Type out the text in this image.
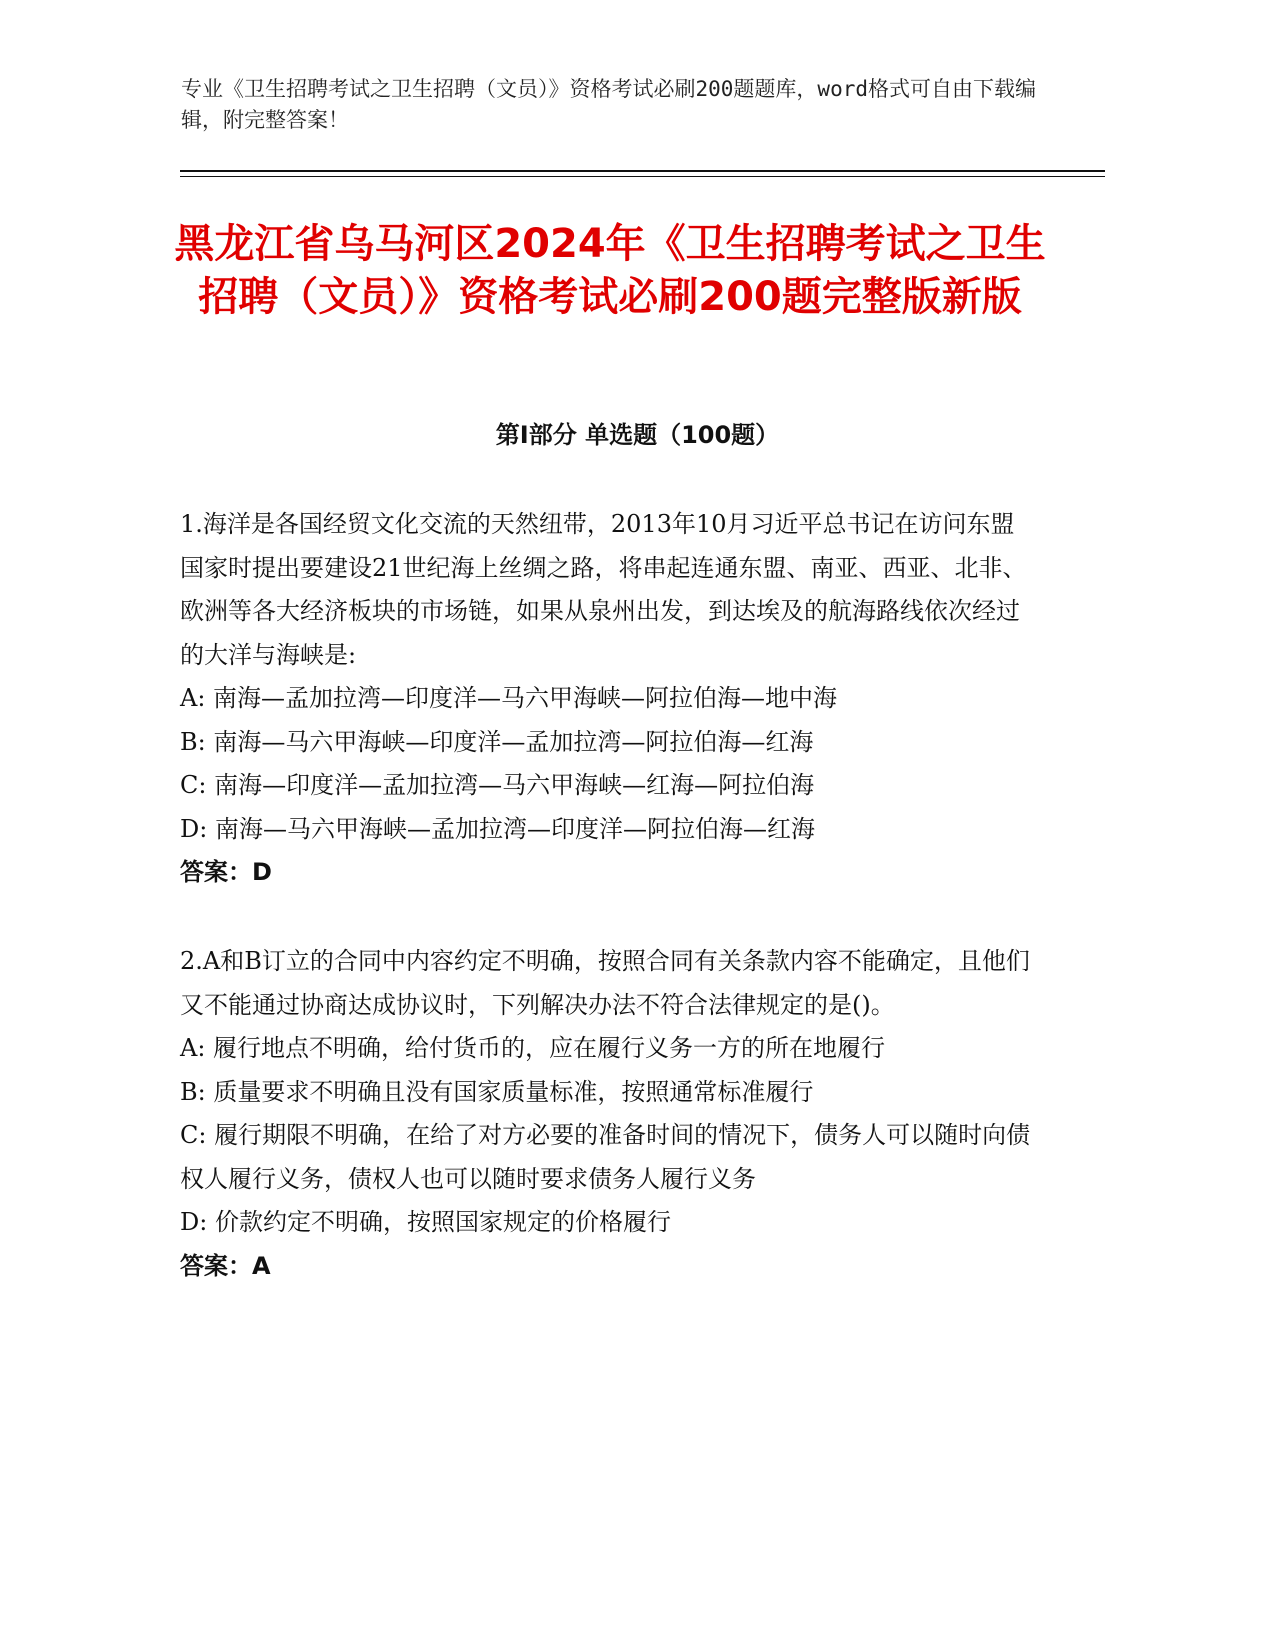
专业《卫生招聘考试之卫生招聘（文员）》资格考试必刷200题题库，word格式可自由下载编辑，附完整答案！
黑龙江省乌马河区2024年《卫生招聘考试之卫生招聘（文员）》资格考试必刷200题完整版新版
第Ⅰ部分 单选题（100题）

1.海洋是各国经贸文化交流的天然纽带，2013年10月习近平总书记在访问东盟国家时提出要建设21世纪海上丝绸之路，将串起连通东盟、南亚、西亚、北非、欧洲等各大经济板块的市场链，如果从泉州出发，到达埃及的航海路线依次经过的大洋与海峡是:

A: 南海—孟加拉湾—印度洋—马六甲海峡—阿拉伯海—地中海

B: 南海—马六甲海峡—印度洋—孟加拉湾—阿拉伯海—红海

C: 南海—印度洋—孟加拉湾—马六甲海峡—红海—阿拉伯海

D: 南海—马六甲海峡—孟加拉湾—印度洋—阿拉伯海—红海

答案：D

2.A和B订立的合同中内容约定不明确，按照合同有关条款内容不能确定，且他们又不能通过协商达成协议时，下列解决办法不符合法律规定的是()。

A: 履行地点不明确，给付货币的，应在履行义务一方的所在地履行

B: 质量要求不明确且没有国家质量标准，按照通常标准履行

C: 履行期限不明确，在给了对方必要的准备时间的情况下，债务人可以随时向债权人履行义务，债权人也可以随时要求债务人履行义务

D: 价款约定不明确，按照国家规定的价格履行

答案：A
